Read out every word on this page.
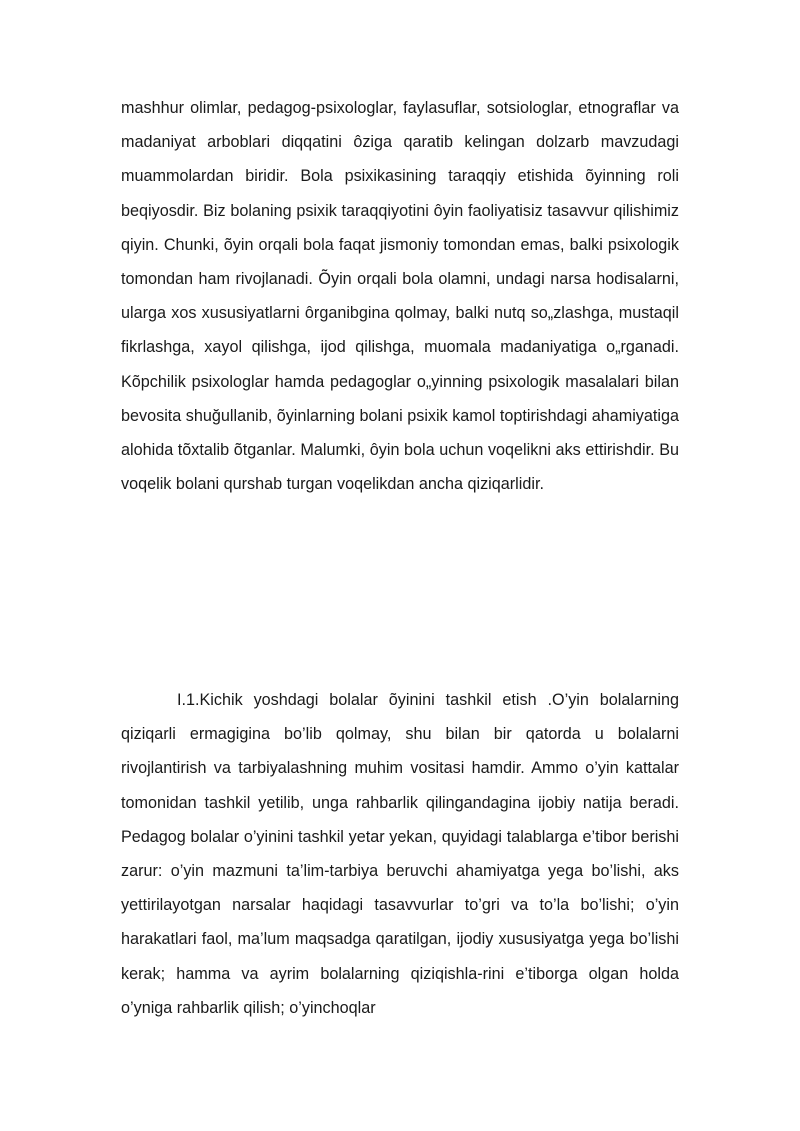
mashhur olimlar, pedagog-psixologlar, faylasuflar, sotsiologlar, etnograflar va madaniyat arboblari diqqatini ôziga qaratib kelingan dolzarb mavzudagi muammolardan biridir. Bola psixikasining taraqqiy etishida õyinning roli beqiyosdir. Biz bolaning psixik taraqqiyotini ôyin faoliyatisiz tasavvur qilishimiz qiyin. Chunki, õyin orqali bola faqat jismoniy tomondan emas, balki psixologik tomondan ham rivojlanadi. Õyin orqali bola olamni, undagi narsa hodisalarni, ularga xos xususiyatlarni ôrganibgina qolmay, balki nutq so„zlashga, mustaqil fikrlashga, xayol qilishga, ijod qilishga, muomala madaniyatiga o„rganadi. Kõpchilik psixologlar hamda pedagoglar o„yinning psixologik masalalari bilan bevosita shuğullanib, õyinlarning bolani psixik kamol toptirishdagi ahamiyatiga alohida tõxtalib õtganlar. Malumki, ôyin bola uchun voqelikni aks ettirishdir. Bu voqelik bolani qurshab turgan voqelikdan ancha qiziqarlidir.

I.1.Kichik yoshdagi bolalar õyinini tashkil etish .O’yin bolalarning qiziqarli ermagigina bo’lib qolmay, shu bilan bir qatorda u bolalarni rivojlantirish va tarbiyalashning muhim vositasi hamdir. Ammo o’yin kattalar tomonidan tashkil yetilib, unga rahbarlik qilingandagina ijobiy natija beradi. Pedagog bolalar o’yinini tashkil yetar yekan, quyidagi talablarga e’tibor berishi zarur: o’yin mazmuni ta’lim-tarbiya beruvchi ahamiyatga yega bo’lishi, aks yettirilayotgan narsalar haqidagi tasavvurlar to’gri va to’la bo’lishi; o’yin harakatlari faol, ma’lum maqsadga qaratilgan, ijodiy xususiyatga yega bo’lishi kerak; hamma va ayrim bolalarning qiziqishla-rini e’tiborga olgan holda o’yniga rahbarlik qilish; o’yinchoqlar
